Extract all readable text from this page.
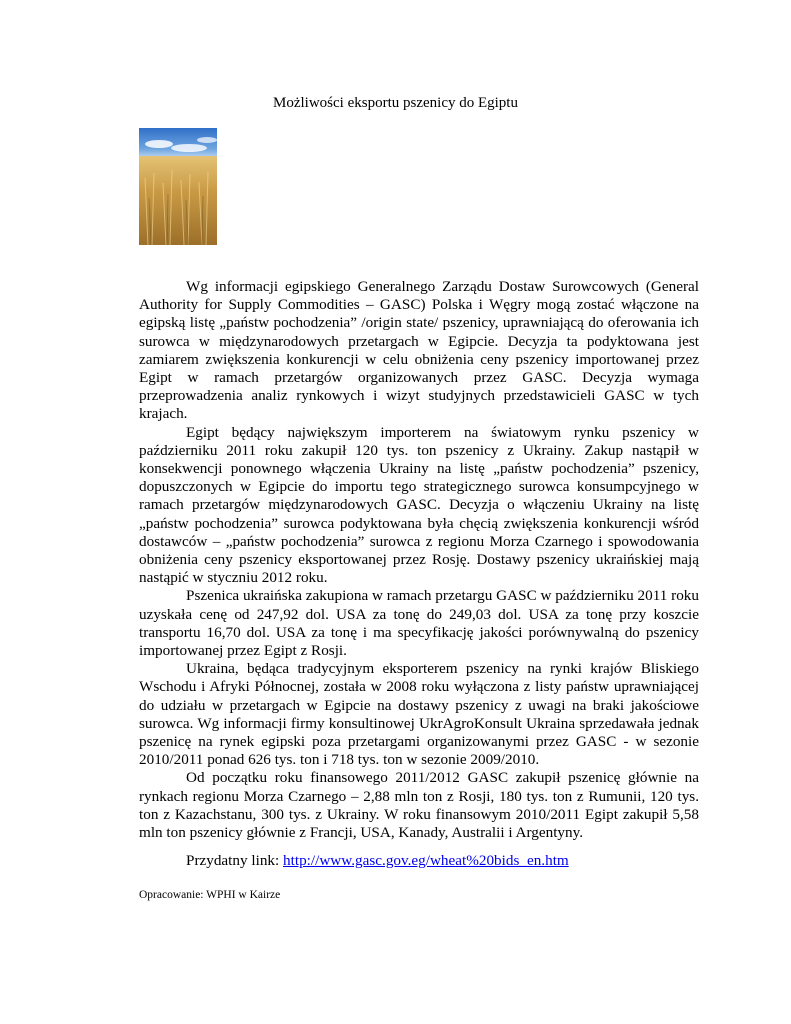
Możliwości eksportu pszenicy do Egiptu

Wg informacji egipskiego Generalnego Zarządu Dostaw Surowcowych (General Authority for Supply Commodities – GASC) Polska i Węgry mogą zostać włączone na egipską listę „państw pochodzenia” /origin state/ pszenicy, uprawniającą do oferowania ich surowca w międzynarodowych przetargach w Egipcie. Decyzja ta podyktowana jest zamiarem zwiększenia konkurencji w celu obniżenia ceny pszenicy importowanej przez Egipt w ramach przetargów organizowanych przez GASC. Decyzja wymaga przeprowadzenia analiz rynkowych i wizyt studyjnych przedstawicieli GASC w tych krajach.

Egipt będący największym importerem na światowym rynku pszenicy w październiku 2011 roku zakupił 120 tys. ton pszenicy z Ukrainy. Zakup nastąpił w konsekwencji ponownego włączenia Ukrainy na listę „państw pochodzenia” pszenicy, dopuszczonych w Egipcie do importu tego strategicznego surowca konsumpcyjnego w ramach przetargów międzynarodowych GASC. Decyzja o włączeniu Ukrainy na listę „państw pochodzenia” surowca podyktowana była chęcią zwiększenia konkurencji wśród dostawców – „państw pochodzenia” surowca z regionu Morza Czarnego i spowodowania obniżenia ceny pszenicy eksportowanej przez Rosję. Dostawy pszenicy ukraińskiej mają nastąpić w styczniu 2012 roku.

Pszenica ukraińska zakupiona w ramach przetargu GASC w październiku 2011 roku uzyskała cenę od 247,92 dol. USA za tonę do 249,03 dol. USA za tonę przy koszcie transportu 16,70 dol. USA za tonę i ma specyfikację jakości porównywalną do pszenicy importowanej przez Egipt z Rosji.

Ukraina, będąca tradycyjnym eksporterem pszenicy na rynki krajów Bliskiego Wschodu i Afryki Północnej, została w 2008 roku wyłączona z listy państw uprawniającej do udziału w przetargach w Egipcie na dostawy pszenicy z uwagi na braki jakościowe surowca. Wg informacji firmy konsultinowej UkrAgroKonsult Ukraina sprzedawała jednak pszenicę na rynek egipski poza przetargami organizowanymi przez GASC - w sezonie 2010/2011 ponad 626 tys. ton i 718 tys. ton w sezonie 2009/2010.

Od początku roku finansowego 2011/2012 GASC zakupił pszenicę głównie na rynkach regionu Morza Czarnego – 2,88 mln ton z Rosji, 180 tys. ton z Rumunii, 120 tys. ton z Kazachstanu, 300 tys. z Ukrainy. W roku finansowym 2010/2011 Egipt zakupił 5,58 mln ton pszenicy głównie z Francji, USA, Kanady, Australii i Argentyny.

Przydatny link: http://www.gasc.gov.eg/wheat%20bids_en.htm
Opracowanie: WPHI w Kairze
